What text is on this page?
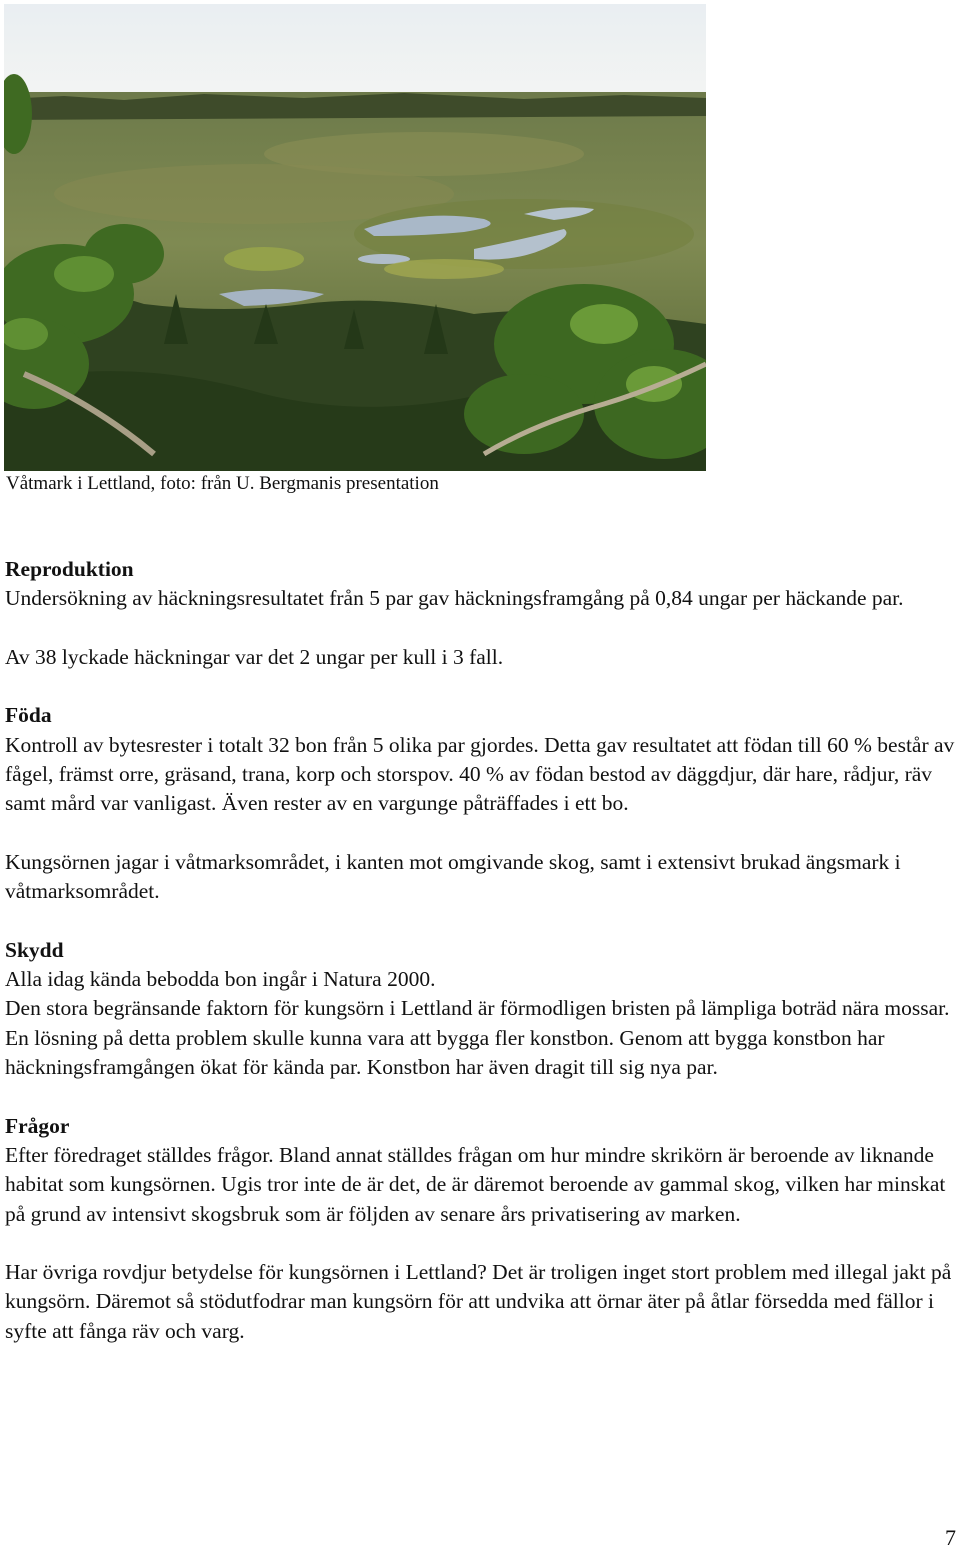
Våtmark i Lettland, foto: från U. Bergmanis presentation
Reproduktion

Undersökning av häckningsresultatet från 5 par gav häckningsframgång på 0,84 ungar per häckande par.

Av 38 lyckade häckningar var det 2 ungar per kull i 3 fall.

Föda

Kontroll av bytesrester i totalt 32 bon från 5 olika par gjordes. Detta gav resultatet att födan till 60 % består av fågel, främst orre, gräsand, trana, korp och storspov. 40 % av födan bestod av däggdjur, där hare, rådjur, räv samt mård var vanligast. Även rester av en vargunge påträffades i ett bo.

Kungsörnen jagar i våtmarksområdet, i kanten mot omgivande skog, samt i extensivt brukad ängsmark i våtmarksområdet.

Skydd

Alla idag kända bebodda bon ingår i Natura 2000.

Den stora begränsande faktorn för kungsörn i Lettland är förmodligen bristen på lämpliga boträd nära mossar. En lösning på detta problem skulle kunna vara att bygga fler konstbon. Genom att bygga konstbon har häckningsframgången ökat för kända par. Konstbon har även dragit till sig nya par.

Frågor

Efter föredraget ställdes frågor. Bland annat ställdes frågan om hur mindre skrikörn är beroende av liknande habitat som kungsörnen. Ugis tror inte de är det, de är däremot beroende av gammal skog, vilken har minskat på grund av intensivt skogsbruk som är följden av senare års privatisering av marken.

Har övriga rovdjur betydelse för kungsörnen i Lettland? Det är troligen inget stort problem med illegal jakt på kungsörn. Däremot så stödutfodrar man kungsörn för att undvika att örnar äter på åtlar försedda med fällor i syfte att fånga räv och varg.

7
